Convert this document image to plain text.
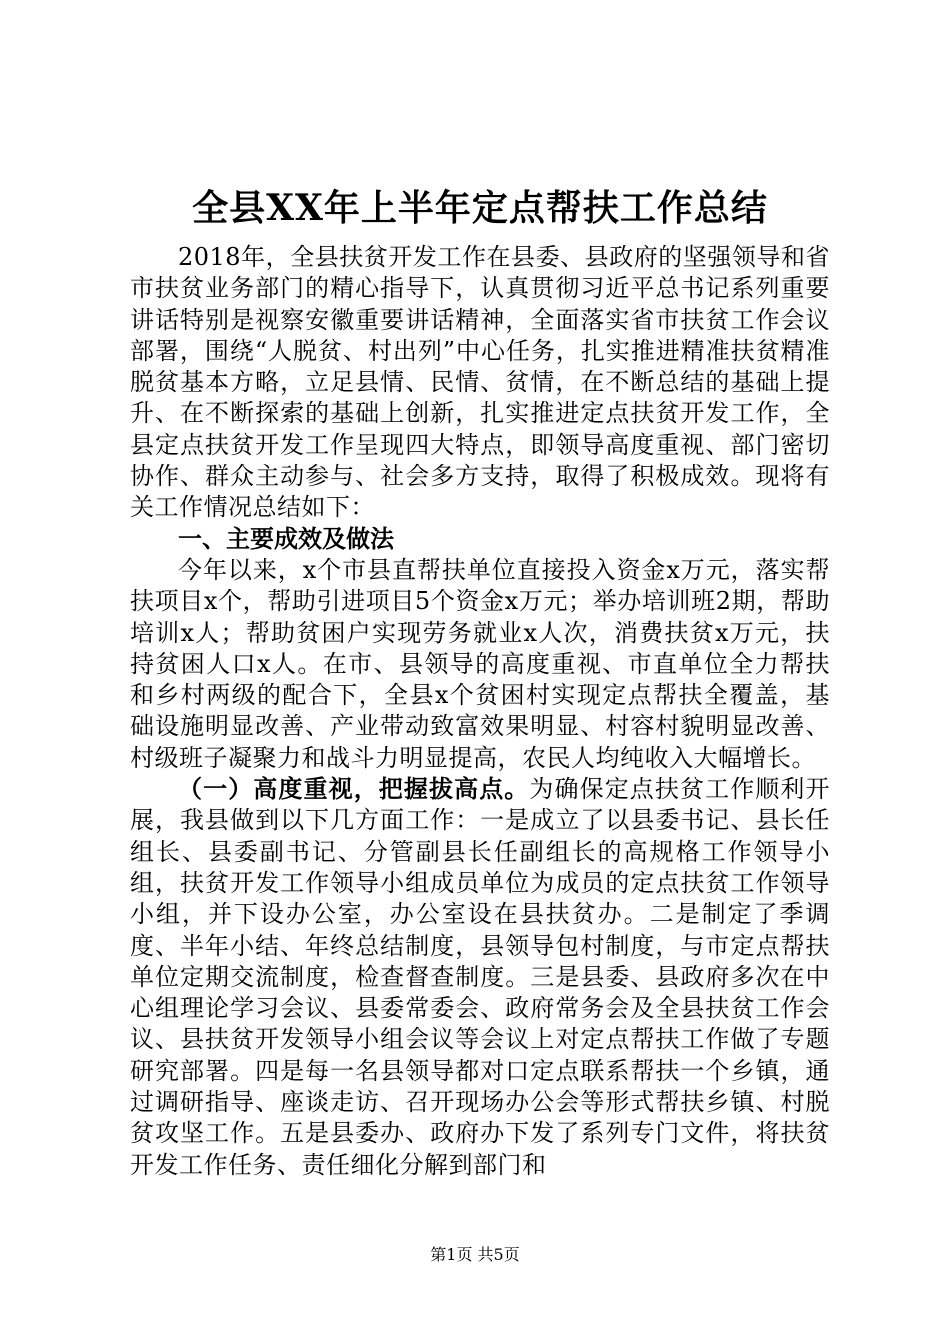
全县XX年上半年定点帮扶工作总结

2018年，全县扶贫开发工作在县委、县政府的坚强领导和省市扶贫业务部门的精心指导下，认真贯彻习近平总书记系列重要讲话特别是视察安徽重要讲话精神，全面落实省市扶贫工作会议部署，围绕“人脱贫、村出列”中心任务，扎实推进精准扶贫精准脱贫基本方略，立足县情、民情、贫情，在不断总结的基础上提升、在不断探索的基础上创新，扎实推进定点扶贫开发工作，全县定点扶贫开发工作呈现四大特点，即领导高度重视、部门密切协作、群众主动参与、社会多方支持，取得了积极成效。现将有关工作情况总结如下：

一、主要成效及做法

今年以来，x个市县直帮扶单位直接投入资金x万元，落实帮扶项目x个，帮助引进项目5个资金x万元；举办培训班2期，帮助培训x人；帮助贫困户实现劳务就业x人次，消费扶贫x万元，扶持贫困人口x人。在市、县领导的高度重视、市直单位全力帮扶和乡村两级的配合下，全县x个贫困村实现定点帮扶全覆盖，基础设施明显改善、产业带动致富效果明显、村容村貌明显改善、村级班子凝聚力和战斗力明显提高，农民人均纯收入大幅增长。

（一）高度重视，把握拔高点。为确保定点扶贫工作顺利开展，我县做到以下几方面工作：一是成立了以县委书记、县长任组长、县委副书记、分管副县长任副组长的高规格工作领导小组，扶贫开发工作领导小组成员单位为成员的定点扶贫工作领导小组，并下设办公室，办公室设在县扶贫办。二是制定了季调度、半年小结、年终总结制度，县领导包村制度，与市定点帮扶单位定期交流制度，检查督查制度。三是县委、县政府多次在中心组理论学习会议、县委常委会、政府常务会及全县扶贫工作会议、县扶贫开发领导小组会议等会议上对定点帮扶工作做了专题研究部署。四是每一名县领导都对口定点联系帮扶一个乡镇，通过调研指导、座谈走访、召开现场办公会等形式帮扶乡镇、村脱贫攻坚工作。五是县委办、政府办下发了系列专门文件，将扶贫开发工作任务、责任细化分解到部门和

第1页 共5页
